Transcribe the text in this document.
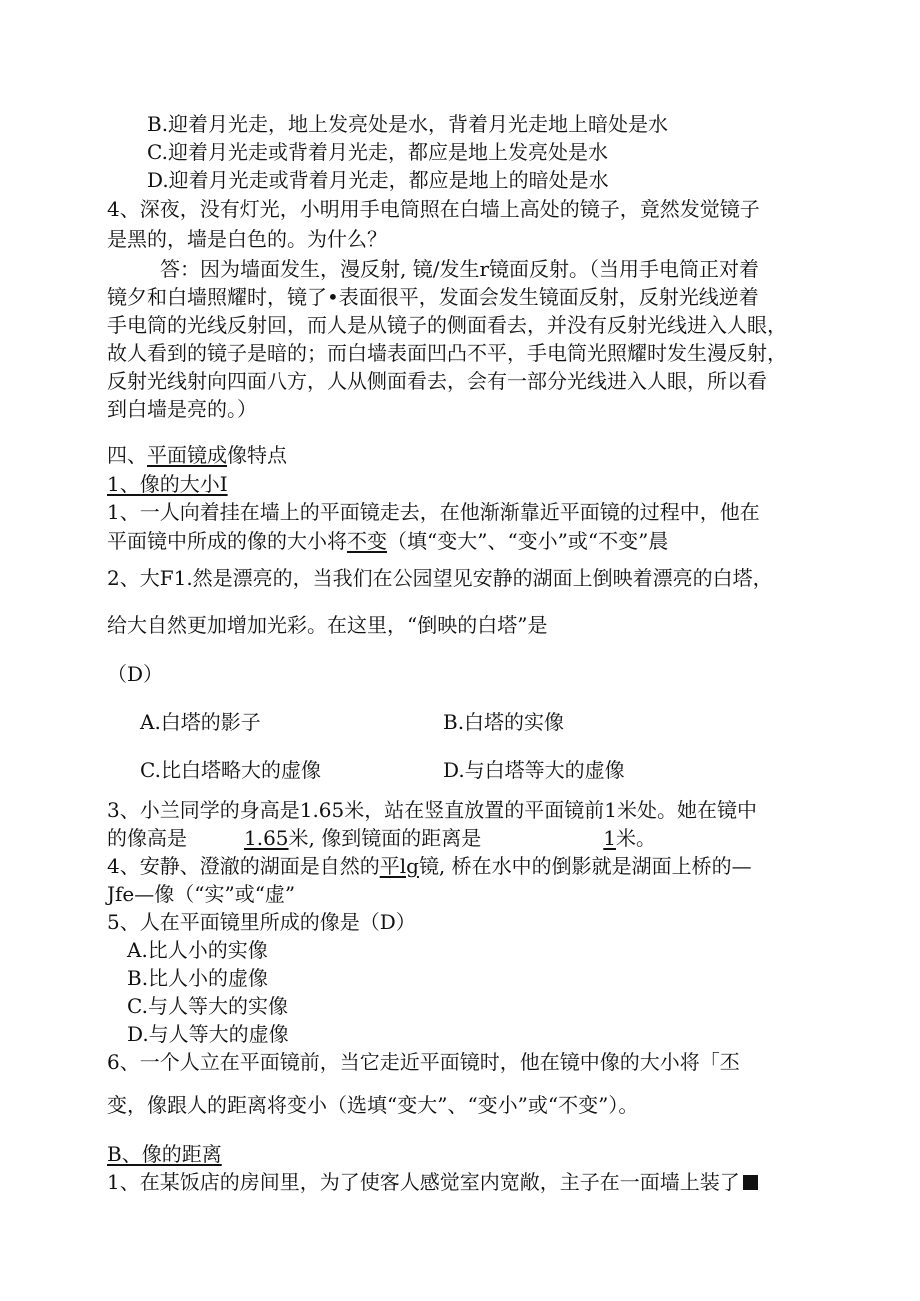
B.迎着月光走，地上发亮处是水，背着月光走地上暗处是水
C.迎着月光走或背着月光走，都应是地上发亮处是水
D.迎着月光走或背着月光走，都应是地上的暗处是水
4、深夜，没有灯光，小明用手电筒照在白墙上高处的镜子，竟然发觉镜子
是黑的，墙是白色的。为什么？
答：因为墙面发生，漫反射, 镜/发生r镜面反射。（当用手电筒正对着
镜夕和白墙照耀时，镜了•表面很平，发面会发生镜面反射，反射光线逆着
手电筒的光线反射回，而人是从镜子的侧面看去，并没有反射光线进入人眼，
故人看到的镜子是暗的；而白墙表面凹凸不平，手电筒光照耀时发生漫反射，
反射光线射向四面八方，人从侧面看去，会有一部分光线进入人眼，所以看
到白墙是亮的。）
四、平面镜成像特点
1、像的大小I
1、一人向着挂在墙上的平面镜走去，在他渐渐靠近平面镜的过程中，他在
平面镜中所成的像的大小将不变（填“变大”、“变小”或“不变”晨
2、大F1.然是漂亮的，当我们在公园望见安静的湖面上倒映着漂亮的白塔，
给大自然更加增加光彩。在这里，“倒映的白塔”是
（D）
A.白塔的影子	B.白塔的实像
C.比白塔略大的虚像	D.与白塔等大的虚像
3、小兰同学的身高是1.65米，站在竖直放置的平面镜前1米处。她在镜中
的像高是	1.65米, 像到镜面的距离是	1米。
4、安静、澄澈的湖面是自然的平lg镜, 桥在水中的倒影就是湖面上桥的—
Jfe—像（“实”或“虚”
5、人在平面镜里所成的像是（D）
A.比人小的实像
B.比人小的虚像
C.与人等大的实像
D.与人等大的虚像
6、一个人立在平面镜前，当它走近平面镜时，他在镜中像的大小将「丕
变，像跟人的距离将变小（选填“变大”、“变小”或“不变”）。
B、像的距离
1、在某饭店的房间里，为了使客人感觉室内宽敞，主子在一面墙上装了
